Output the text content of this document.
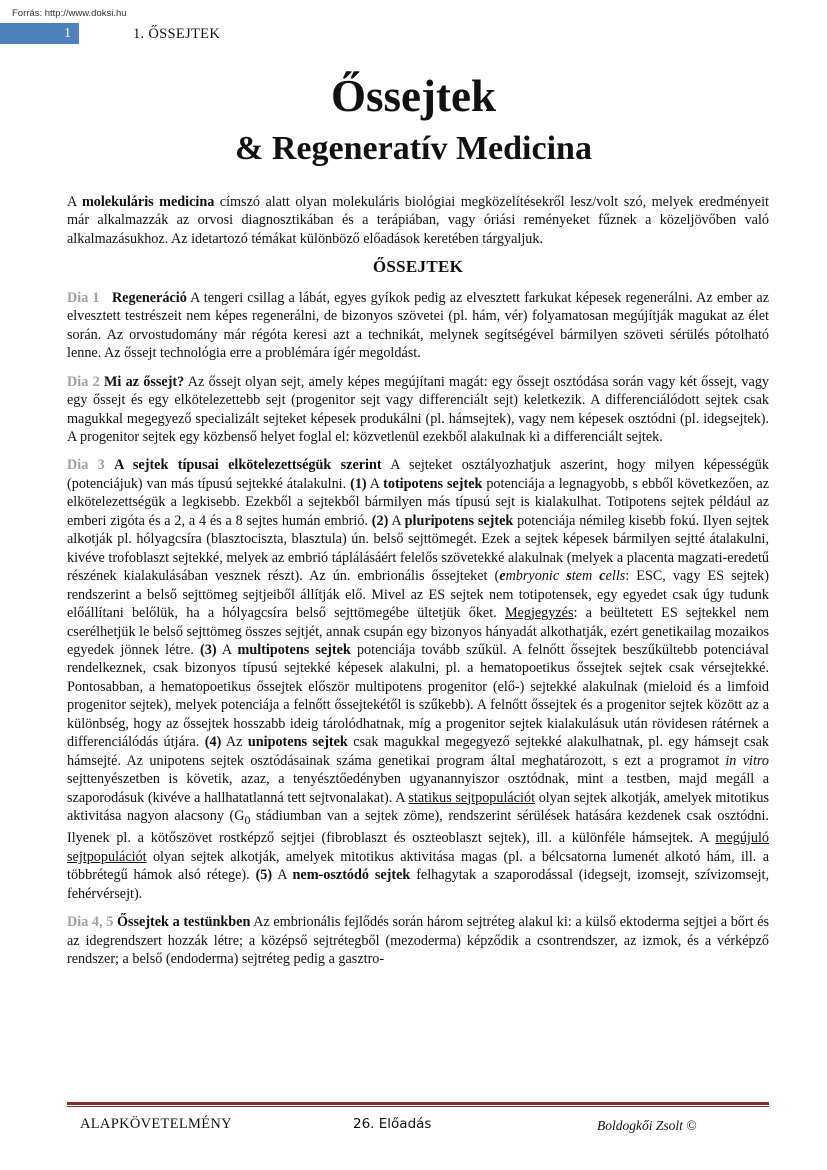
Forrás: http://www.doksi.hu
1	1. ŐSSEJTEK
Őssejtek
& Regeneratív Medicina

A molekuláris medicina címszó alatt olyan molekuláris biológiai megközelítésekről lesz/volt szó, melyek eredményeit már alkalmazzák az orvosi diagnosztikában és a terápiában, vagy óriási reményeket fűznek a közeljövőben való alkalmazásukhoz. Az idetartozó témákat különböző előadások keretében tárgyaljuk.

ŐSSEJTEK

Dia 1 Regeneráció A tengeri csillag a lábát, egyes gyíkok pedig az elvesztett farkukat képesek regenerálni. Az ember az elvesztett testrészeit nem képes regenerálni, de bizonyos szövetei (pl. hám, vér) folyamatosan megújítják magukat az élet során. Az orvostudomány már régóta keresi azt a technikát, melynek segítségével bármilyen szöveti sérülés pótolható lenne. Az őssejt technológia erre a problémára ígér megoldást.

Dia 2 Mi az őssejt? Az őssejt olyan sejt, amely képes megújítani magát: egy őssejt osztódása során vagy két őssejt, vagy egy őssejt és egy elkötelezettebb sejt (progenitor sejt vagy differenciált sejt) keletkezik. A differenciálódott sejtek csak magukkal megegyező specializált sejteket képesek produkálni (pl. hámsejtek), vagy nem képesek osztódni (pl. idegsejtek). A progenitor sejtek egy közbenső helyet foglal el: közvetlenül ezekből alakulnak ki a differenciált sejtek.

Dia 3 A sejtek típusai elkötelezettségük szerint A sejteket osztályozhatjuk aszerint, hogy milyen képességük (potenciájuk) van más típusú sejtekké átalakulni. (1) A totipotens sejtek potenciája a legnagyobb, s ebből következően, az elkötelezettségük a legkisebb. Ezekből a sejtekből bármilyen más típusú sejt is kialakulhat. Totipotens sejtek például az emberi zigóta és a 2, a 4 és a 8 sejtes humán embrió. (2) A pluripotens sejtek potenciája némileg kisebb fokú. Ilyen sejtek alkotják pl. hólyagcsíra (blasztocisztа, blasztula) ún. belső sejttömegét. Ezek a sejtek képesek bármilyen sejtté átalakulni, kivéve trofoblaszt sejtekké, melyek az embrió táplálásáért felelős szövetekké alakulnak (melyek a placenta magzati-eredetű részének kialakulásában vesznek részt). Az ún. embrionális őssejteket (embryonic stem cells: ESC, vagy ES sejtek) rendszerint a belső sejttömeg sejtjeiből állítják elő. Mivel az ES sejtek nem totipotensek, egy egyedet csak úgy tudunk előállítani belőlük, ha a hólyagcsíra belső sejttömegébe ültetjük őket. Megjegyzés: a beültetett ES sejtekkel nem cserélhetjük le belső sejttömeg összes sejtjét, annak csupán egy bizonyos hányadát alkothatják, ezért genetikailag mozaikos egyedek jönnek létre. (3) A multipotens sejtek potenciája tovább szűkül. A felnőtt őssejtek beszűkültebb potenciával rendelkeznek, csak bizonyos típusú sejtekké képesek alakulni, pl. a hematopoetikus őssejtek sejtek csak vérsejtekké. Pontosabban, a hematopoetikus őssejtek először multipotens progenitor (elő-) sejtekké alakulnak (mieloid és a limfoid progenitor sejtek), melyek potenciája a felnőtt őssejtekétől is szűkebb). A felnőtt őssejtek és a progenitor sejtek között az a különbség, hogy az őssejtek hosszabb ideig tárolódhatnak, míg a progenitor sejtek kialakulásuk után rövidesen rátérnek a differenciálódás útjára. (4) Az unipotens sejtek csak magukkal megegyező sejtekké alakulhatnak, pl. egy hámsejt csak hámsejté. Az unipotens sejtek osztódásainak száma genetikai program által meghatározott, s ezt a programot in vitro sejttenyészetben is követik, azaz, a tenyésztőedényben ugyanannyiszor osztódnak, mint a testben, majd megáll a szaporodásuk (kivéve a hallhatatlanná tett sejtvonalakat). A statikus sejtpopulációt olyan sejtek alkotják, amelyek mitotikus aktivitása nagyon alacsony ($G_0$ stádiumban van a sejtek zöme), rendszerint sérülések hatására kezdenek csak osztódni. Ilyenek pl. a kötőszövet rostképző sejtjei (fibroblaszt és oszteoblaszt sejtek), ill. a különféle hámsejtek. A megújuló sejtpopulációt olyan sejtek alkotják, amelyek mitotikus aktivitása magas (pl. a bélcsatorna lumenét alkotó hám, ill. a többrétegű hámok alsó rétege). (5) A nem-osztódó sejtek felhagytak a szaporodással (idegsejt, izomsejt, szívizomsejt, fehérvérsejt).

Dia 4, 5 Őssejtek a testünkben Az embrionális fejlődés során három sejtréteg alakul ki: a külső ektoderma sejtjei a bőrt és az idegrendszert hozzák létre; a középső sejtrétegből (mezoderma) képződik a csontrendszer, az izmok, és a vérképző rendszer; a belső (endoderma) sejtréteg pedig a gasztro-

ALAPKÖVETELMÉNY	26. Előadás	Boldogkői Zsolt ©
